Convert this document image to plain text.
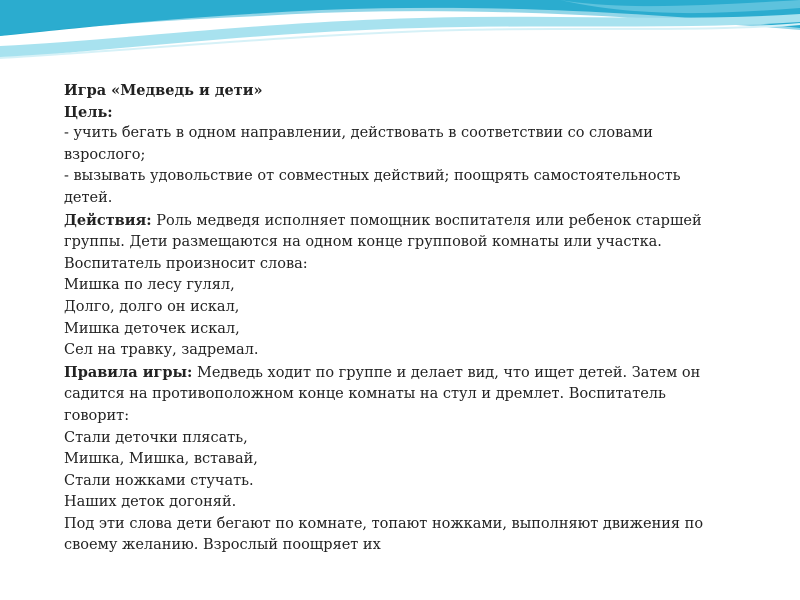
Игра «Медведь и дети»
Цель:
- учить бегать в одном направлении, действовать в соответствии со словами
взрослого;
- вызывать удовольствие от совместных действий; поощрять самостоятельность
детей.
Действия: Роль медведя исполняет помощник воспитателя или ребенок старшей
группы. Дети размещаются на одном конце групповой комнаты или участка.
Воспитатель произносит слова:
Мишка по лесу гулял,
Долго, долго он искал,
Мишка деточек искал,
Сел на травку, задремал.
Правила игры: Медведь ходит по группе и делает вид, что ищет детей. Затем он
садится на противоположном конце комнаты на стул и дремлет. Воспитатель
говорит:
Стали деточки плясать,
Мишка, Мишка, вставай,
Стали ножками стучать.
Наших деток догоняй.
Под эти слова дети бегают по комнате, топают ножками, выполняют движения по
своему желанию. Взрослый поощряет их
